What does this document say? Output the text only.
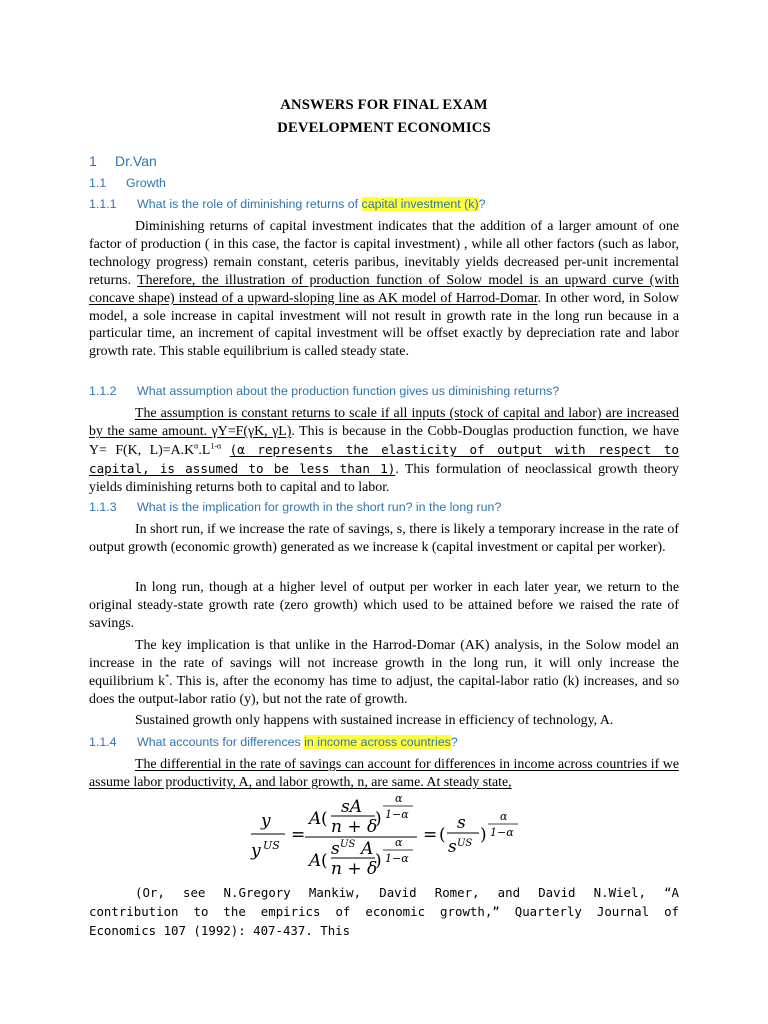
ANSWERS FOR FINAL EXAM
DEVELOPMENT ECONOMICS
1 Dr.Van
1.1 Growth
1.1.1 What is the role of diminishing returns of capital investment (k)?
Diminishing returns of capital investment indicates that the addition of a larger amount of one factor of production ( in this case, the factor is capital investment) , while all other factors (such as labor, technology progress) remain constant, ceteris paribus, inevitably yields decreased per-unit incremental returns. Therefore, the illustration of production function of Solow model is an upward curve (with concave shape) instead of a upward-sloping line as AK model of Harrod-Domar. In other word, in Solow model, a sole increase in capital investment will not result in growth rate in the long run because in a particular time, an increment of capital investment will be offset exactly by depreciation rate and labor growth rate. This stable equilibrium is called steady state.
1.1.2 What assumption about the production function gives us diminishing returns?
The assumption is constant returns to scale if all inputs (stock of capital and labor) are increased by the same amount. γY=F(γK, γL). This is because in the Cobb-Douglas production function, we have Y= F(K, $L)=A.K^\alpha.L^{1-\alpha}$ (α represents the elasticity of output with respect to capital, is assumed to be less than 1). This formulation of neoclassical growth theory yields diminishing returns both to capital and to labor.
1.1.3 What is the implication for growth in the short run? in the long run?
In short run, if we increase the rate of savings, s, there is likely a temporary increase in the rate of output growth (economic growth) generated as we increase k (capital investment or capital per worker).
In long run, though at a higher level of output per worker in each later year, we return to the original steady-state growth rate (zero growth) which used to be attained before we raised the rate of savings.
The key implication is that unlike in the Harrod-Domar (AK) analysis, in the Solow model an increase in the rate of savings will not increase growth in the long run, it will only increase the equilibrium k*. This is, after the economy has time to adjust, the capital-labor ratio (k) increases, and so does the output-labor ratio (y), but not the rate of growth.
Sustained growth only happens with sustained increase in efficiency of technology, A.
1.1.4 What accounts for differences in income across countries?
The differential in the rate of savings can account for differences in income across countries if we assume labor productivity, A, and labor growth, n, are same. At steady state,
y
y US
=
A (
sA
n + δ
)
α
1−α
A (
s US A
n + δ
)
α
1−α
= (
s
s US )
α
1−α
(Or, see N.Gregory Mankiw, David Romer, and David N.Wiel, “A contribution to the empirics of economic growth,” Quarterly Journal of Economics 107 (1992): 407-437. This
